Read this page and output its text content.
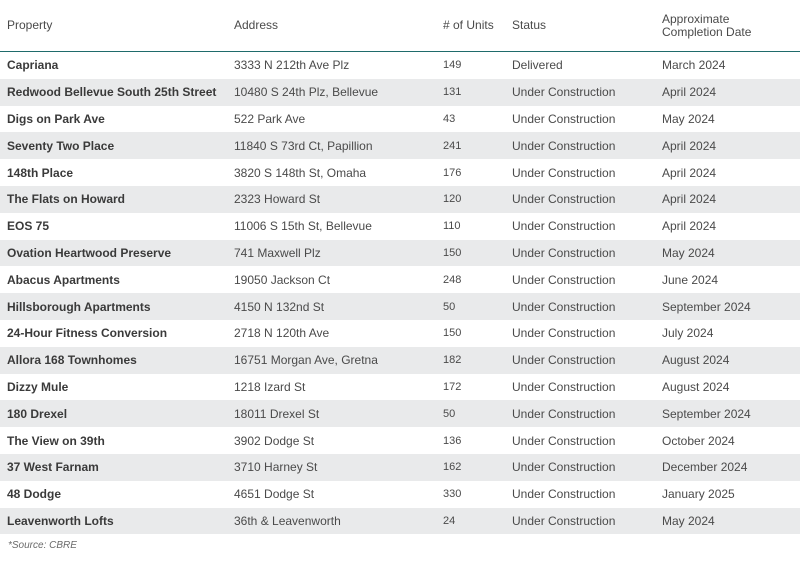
Property	Address	# of Units	Status	Approximate
Completion Date
Capriana	3333 N 212th Ave Plz	149	Delivered	March 2024
Redwood Bellevue South 25th Street	10480 S 24th Plz, Bellevue	131	Under Construction	April 2024
Digs on Park Ave	522 Park Ave	43	Under Construction	May 2024
Seventy Two Place	11840 S 73rd Ct, Papillion	241	Under Construction	April 2024
148th Place	3820 S 148th St, Omaha	176	Under Construction	April 2024
The Flats on Howard	2323 Howard St	120	Under Construction	April 2024
EOS 75	11006 S 15th St, Bellevue	110	Under Construction	April 2024
Ovation Heartwood Preserve	741 Maxwell Plz	150	Under Construction	May 2024
Abacus Apartments	19050 Jackson Ct	248	Under Construction	June 2024
Hillsborough Apartments	4150 N 132nd St	50	Under Construction	September 2024
24-Hour Fitness Conversion	2718 N 120th Ave	150	Under Construction	July 2024
Allora 168 Townhomes	16751 Morgan Ave, Gretna	182	Under Construction	August 2024
Dizzy Mule	1218 Izard St	172	Under Construction	August 2024
180 Drexel	18011 Drexel St	50	Under Construction	September 2024
The View on 39th	3902 Dodge St	136	Under Construction	October 2024
37 West Farnam	3710 Harney St	162	Under Construction	December 2024
48 Dodge	4651 Dodge St	330	Under Construction	January 2025
Leavenworth Lofts	36th & Leavenworth	24	Under Construction	May 2024
*Source: CBRE
